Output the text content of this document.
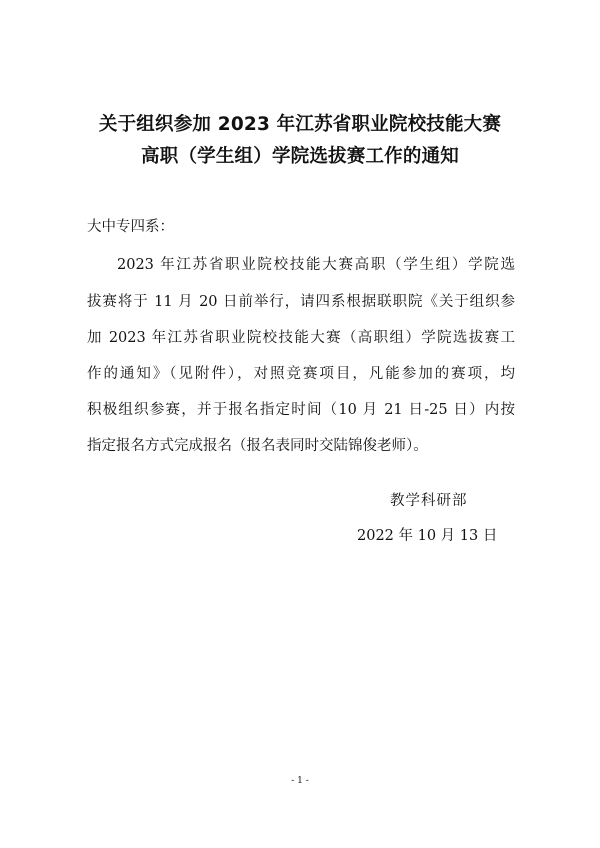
关于组织参加 2023 年江苏省职业院校技能大赛
高职（学生组）学院选拔赛工作的通知
大中专四系：
2023 年江苏省职业院校技能大赛高职（学生组）学院选
拔赛将于 11 月 20 日前举行，请四系根据联职院《关于组织参
加 2023 年江苏省职业院校技能大赛（高职组）学院选拔赛工
作的通知》（见附件），对照竞赛项目，凡能参加的赛项，均
积极组织参赛，并于报名指定时间（10 月 21 日-25 日）内按
指定报名方式完成报名（报名表同时交陆锦俊老师）。
教学科研部
2022 年 10 月 13 日
- 1 -
